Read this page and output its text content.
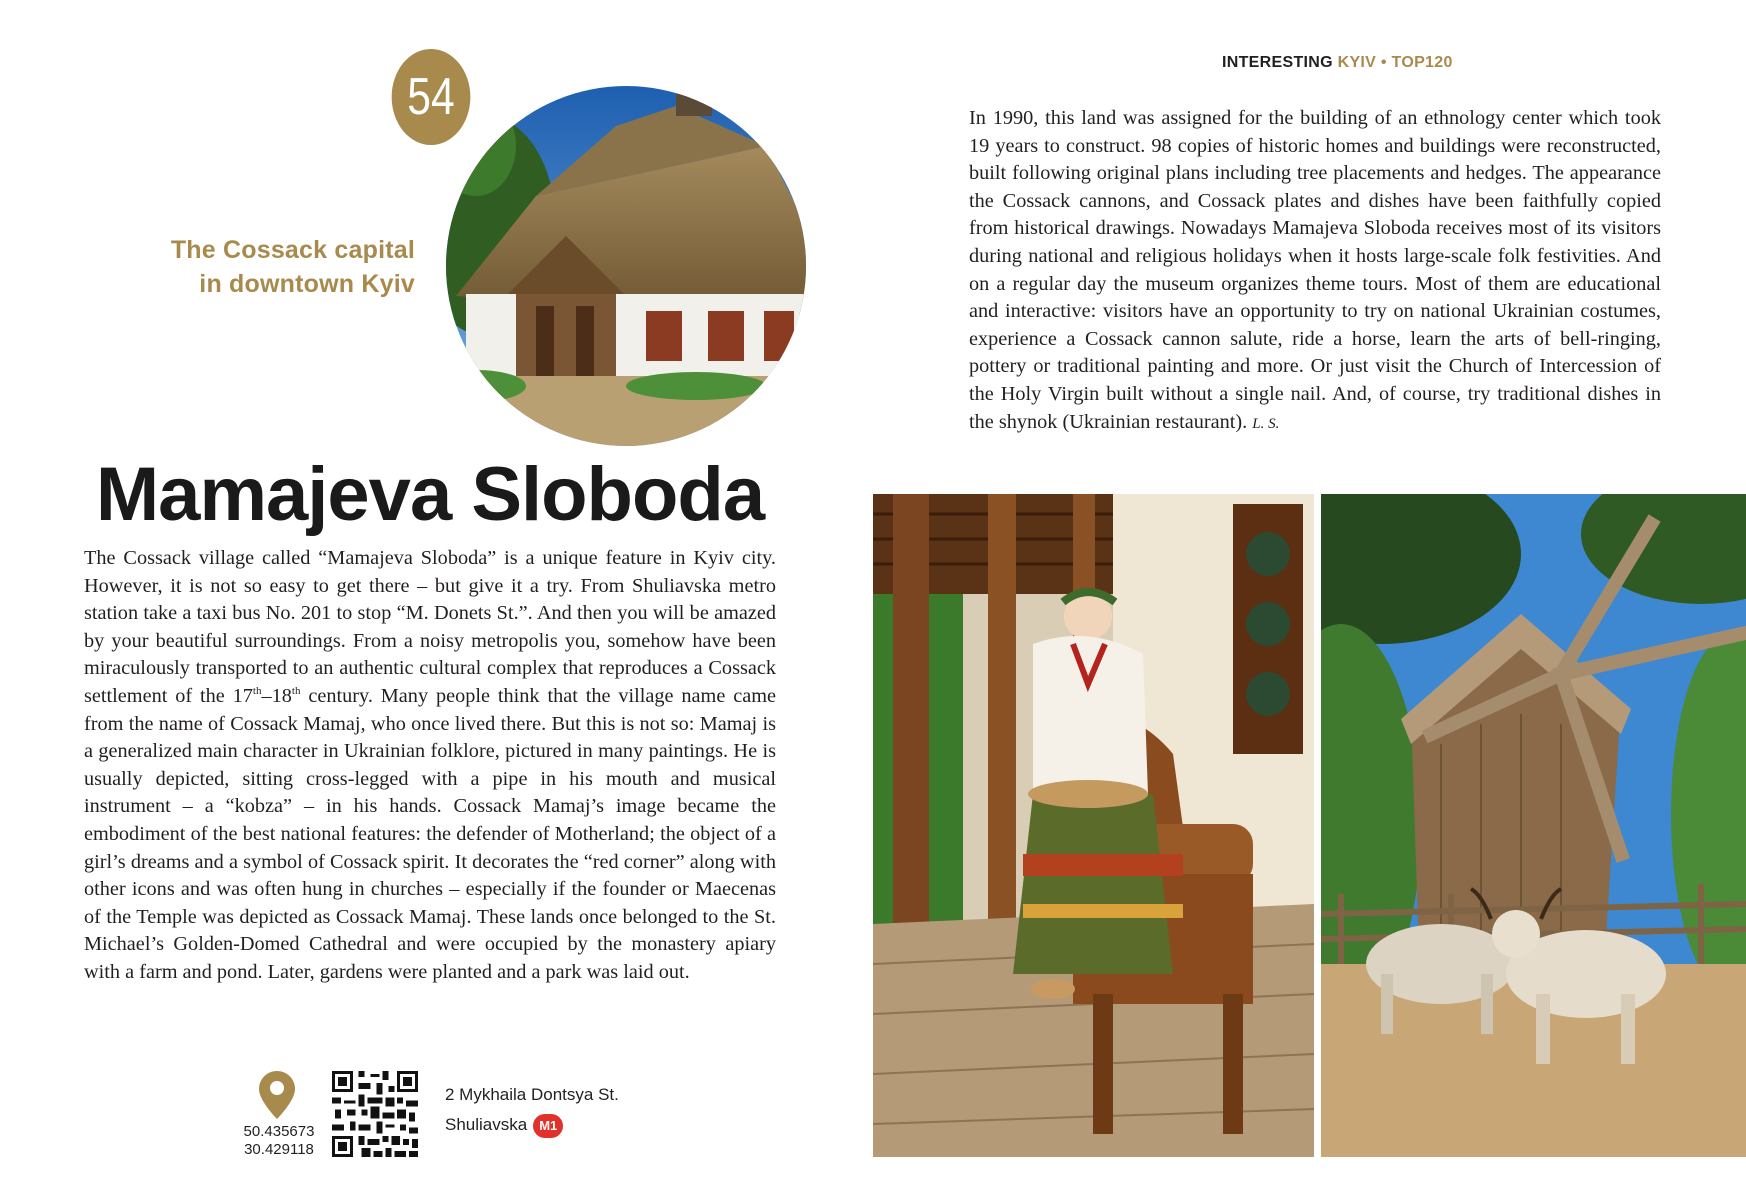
54
The Cossack capital
in downtown Kyiv
Mamajeva Sloboda
The Cossack village called “Mamajeva Sloboda” is a unique feature in Kyiv city. However, it is not so easy to get there – but give it a try. From Shuliavska metro station take a taxi bus No. 201 to stop “M. Donets St.”. And then you will be amazed by your beautiful surroundings. From a noisy metropolis you, somehow have been miraculously transported to an authentic cultural complex that reproduces a Cossack settlement of the 17th–18th century. Many people think that the village name came from the name of Cossack Mamaj, who once lived there. But this is not so: Mamaj is a generalized main character in Ukrainian folklore, pictured in many paintings. He is usually depicted, sitting cross-legged with a pipe in his mouth and musical instrument – a “kobza” – in his hands. Cossack Mamaj’s image became the embodiment of the best national features: the defender of Motherland; the object of a girl’s dreams and a symbol of Cossack spirit. It decorates the “red corner” along with other icons and was often hung in churches – especially if the founder or Maecenas of the Temple was depicted as Cossack Mamaj. These lands once belonged to the St. Michael’s Golden-Domed Cathedral and were occupied by the monastery apiary with a farm and pond. Later, gardens were planted and a park was laid out.
50.435673
30.429118
2 Mykhaila Dontsya St.
Shuliavska M1
INTERESTING KYIV • TOP120
In 1990, this land was assigned for the building of an ethnology center which took 19 years to construct. 98 copies of historic homes and buildings were reconstructed, built following original plans including tree placements and hedges. The appearance the Cossack cannons, and Cossack plates and dishes have been faithfully copied from historical drawings. Nowadays Mamajeva Sloboda receives most of its visitors during national and religious holidays when it hosts large-scale folk festivities. And on a regular day the museum organizes theme tours. Most of them are educational and interactive: visitors have an opportunity to try on national Ukrainian costumes, experience a Cossack cannon salute, ride a horse, learn the arts of bell-ringing, pottery or traditional painting and more. Or just visit the Church of Intercession of the Holy Virgin built without a single nail. And, of course, try traditional dishes in the shynok (Ukrainian restaurant). L. S.
